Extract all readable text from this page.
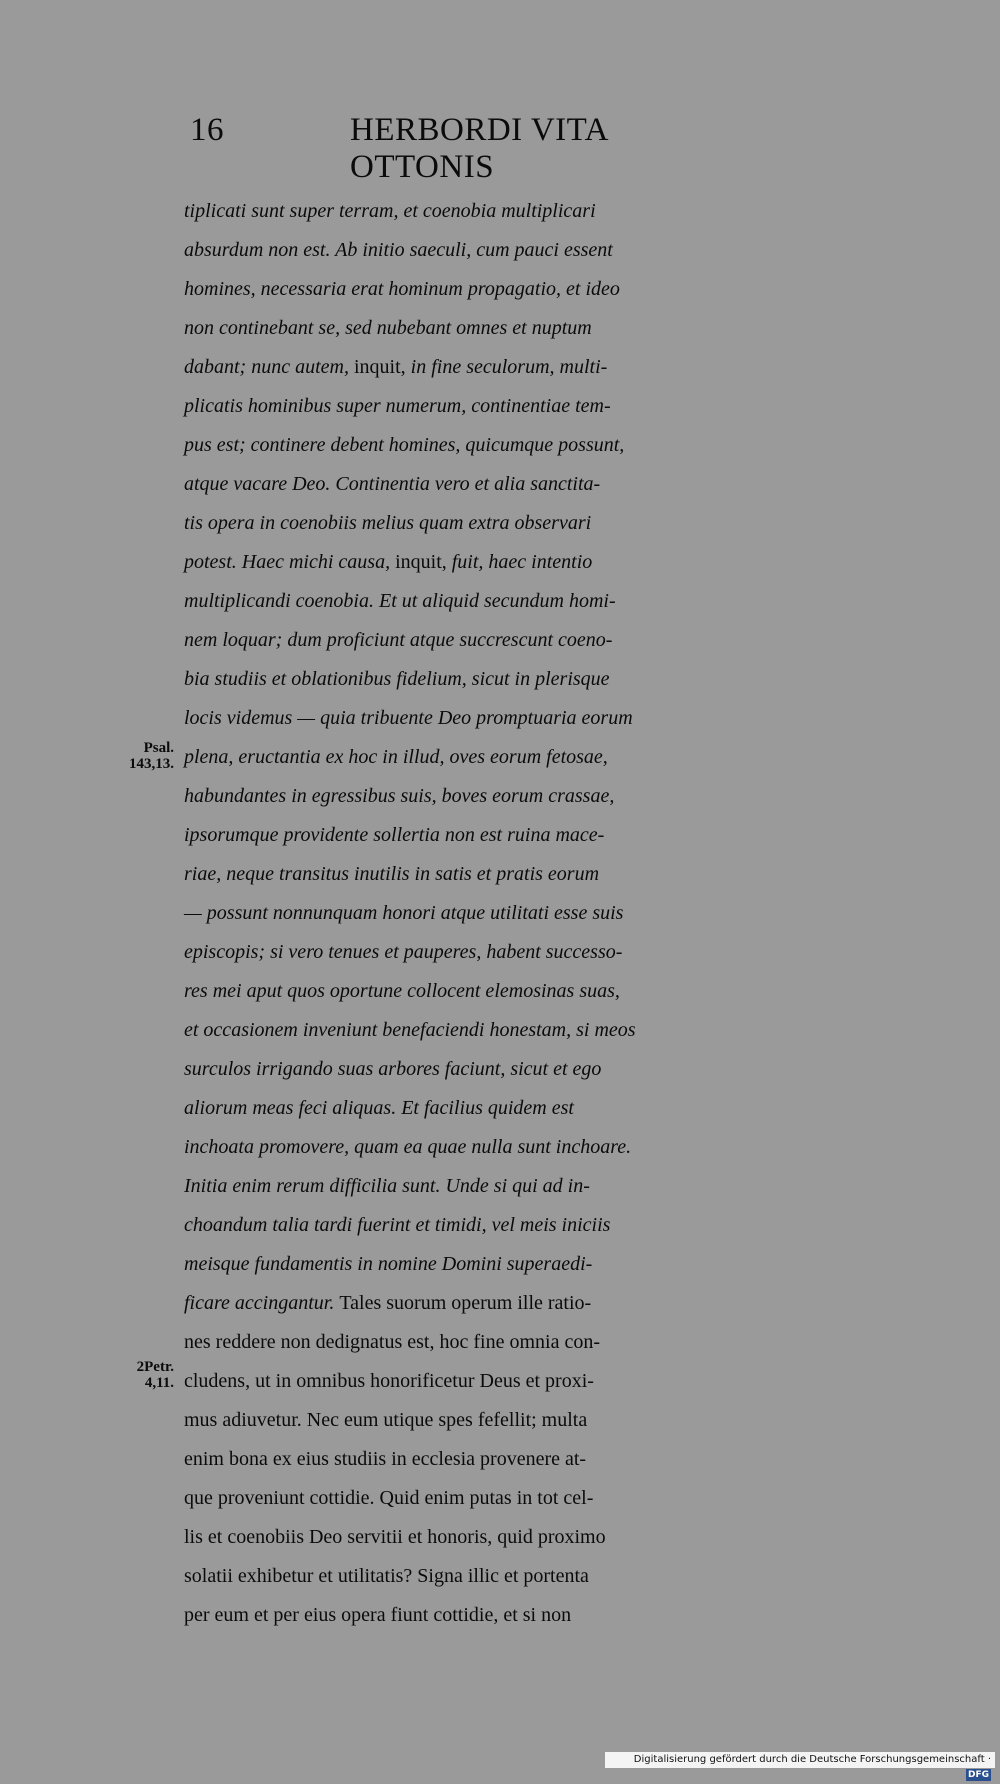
16	HERBORDI VITA OTTONIS
Psal.
143,13.
2Petr.
4,11.
tiplicati sunt super terram, et coenobia multiplicari
absurdum non est. Ab initio saeculi, cum pauci essent
homines, necessaria erat hominum propagatio, et ideo
non continebant se, sed nubebant omnes et nuptum
dabant; nunc autem, inquit, in fine seculorum, multi-
plicatis hominibus super numerum, continentiae tem-
pus est; continere debent homines, quicumque possunt,
atque vacare Deo. Continentia vero et alia sanctita-
tis opera in coenobiis melius quam extra observari
potest. Haec michi causa, inquit, fuit, haec intentio
multiplicandi coenobia. Et ut aliquid secundum homi-
nem loquar; dum proficiunt atque succrescunt coeno-
bia studiis et oblationibus fidelium, sicut in plerisque
locis videmus — quia tribuente Deo promptuaria eorum
plena, eructantia ex hoc in illud, oves eorum fetosae,
habundantes in egressibus suis, boves eorum crassae,
ipsorumque providente sollertia non est ruina mace-
riae, neque transitus inutilis in satis et pratis eorum
— possunt nonnunquam honori atque utilitati esse suis
episcopis; si vero tenues et pauperes, habent successo-
res mei aput quos oportune collocent elemosinas suas,
et occasionem inveniunt benefaciendi honestam, si meos
surculos irrigando suas arbores faciunt, sicut et ego
aliorum meas feci aliquas. Et facilius quidem est
inchoata promovere, quam ea quae nulla sunt inchoare.
Initia enim rerum difficilia sunt. Unde si qui ad in-
choandum talia tardi fuerint et timidi, vel meis iniciis
meisque fundamentis in nomine Domini superaedi-
ficare accingantur. Tales suorum operum ille ratio-
nes reddere non dedignatus est, hoc fine omnia con-
cludens, ut in omnibus honorificetur Deus et proxi-
mus adiuvetur. Nec eum utique spes fefellit; multa
enim bona ex eius studiis in ecclesia provenere at-
que proveniunt cottidie. Quid enim putas in tot cel-
lis et coenobiis Deo servitii et honoris, quid proximo
solatii exhibetur et utilitatis? Signa illic et portenta
per eum et per eius opera fiunt cottidie, et si non
Digitalisierung gefördert durch die Deutsche Forschungsgemeinschaft · DFG
